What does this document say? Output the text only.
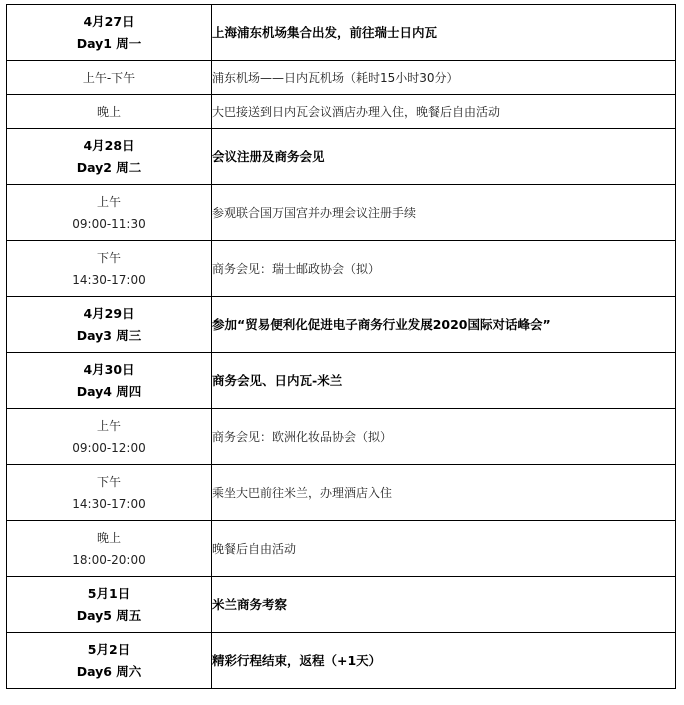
4月27日
Day1 周一	上海浦东机场集合出发，前往瑞士日内瓦

上午-下午	浦东机场——日内瓦机场（耗时15小时30分）

晚上	大巴接送到日内瓦会议酒店办理入住，晚餐后自由活动

4月28日
Day2 周二	会议注册及商务会见

上午
09:00-11:30	参观联合国万国宫并办理会议注册手续

下午
14:30-17:00	商务会见：瑞士邮政协会（拟）

4月29日
Day3 周三	参加“贸易便利化促进电子商务行业发展2020国际对话峰会”

4月30日
Day4 周四	商务会见、日内瓦-米兰

上午
09:00-12:00	商务会见：欧洲化妆品协会（拟）

下午
14:30-17:00	乘坐大巴前往米兰，办理酒店入住

晚上
18:00-20:00	晚餐后自由活动

5月1日
Day5 周五	米兰商务考察

5月2日
Day6 周六	精彩行程结束，返程（+1天）
